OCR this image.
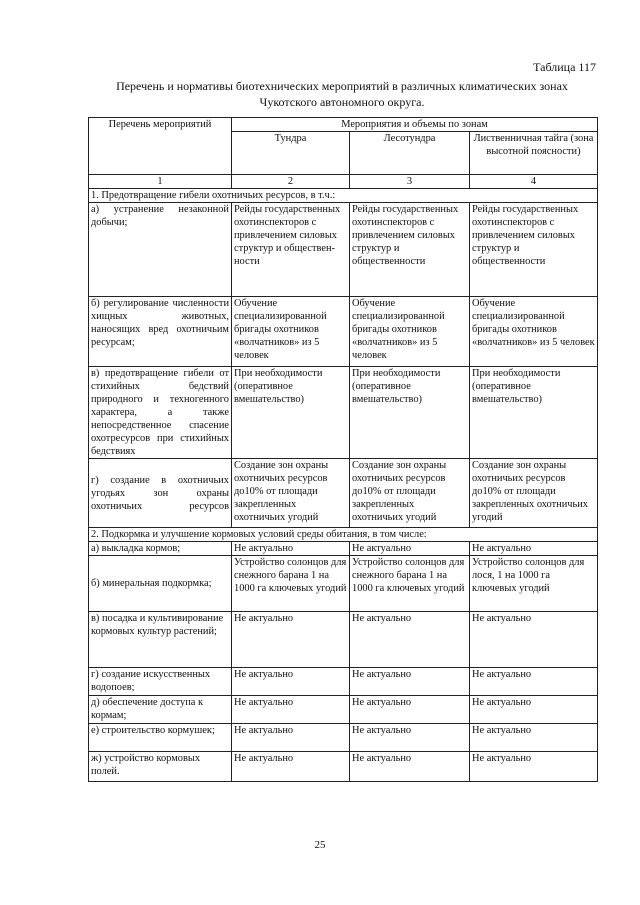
Таблица 117
Перечень и нормативы биотехнических мероприятий в различных климатических зонах
Чукотского автономного округа.
Перечень мероприятий	Мероприятия и объемы по зонам		
	Тундра	Лесотундра	Лиственничная тайга (зона высотной поясности)
1	2	3	4
1. Предотвращение гибели охотничьих ресурсов, в т.ч.:			
а) устранение незаконной добычи;	Рейды государственных охотинспекторов с привлечением силовых структур и обществен-ности	Рейды государственных охотинспекторов с привлечением силовых структур и общественности	Рейды государственных охотинспекторов с привлечением силовых структур и общественности
б) регулирование численности хищных животных, наносящих вред охотничьим ресурсам;	Обучение специализированной бригады охотников «волчатников» из 5 человек	Обучение специализированной бригады охотников «волчатников» из 5 человек	Обучение специализированной бригады охотников «волчатников» из 5 человек
в) предотвращение гибели от стихийных бедствий природного и техногенного характера, а также непосредственное спасение охотресурсов при стихийных бедствиях	При необходимости (оперативное вмешательство)	При необходимости (оперативное вмешательство)	При необходимости (оперативное вмешательство)
г) создание в охотничьих угодьях зон охраны охотничьих ресурсов	Создание зон охраны охотничьих ресурсов до10% от площади закрепленных охотничьих угодий	Создание зон охраны охотничьих ресурсов до10% от площади закрепленных охотничьих угодий	Создание зон охраны охотничьих ресурсов до10% от площади закрепленных охотничьих угодий
2. Подкормка и улучшение кормовых условий среды обитания, в том числе:			
а) выкладка кормов;	Не актуально	Не актуально	Не актуально
б) минеральная подкормка;	Устройство солонцов для снежного барана 1 на 1000 га ключевых угодий	Устройство солонцов для снежного барана 1 на 1000 га ключевых угодий	Устройство солонцов для лося, 1 на 1000 га ключевых угодий
в) посадка и культивирование кормовых культур растений;	Не актуально	Не актуально	Не актуально
г) создание искусственных водопоев;	Не актуально	Не актуально	Не актуально
д) обеспечение доступа к кормам;	Не актуально	Не актуально	Не актуально
е) строительство кормушек;	Не актуально	Не актуально	Не актуально
ж) устройство кормовых полей.	Не актуально	Не актуально	Не актуально
25
